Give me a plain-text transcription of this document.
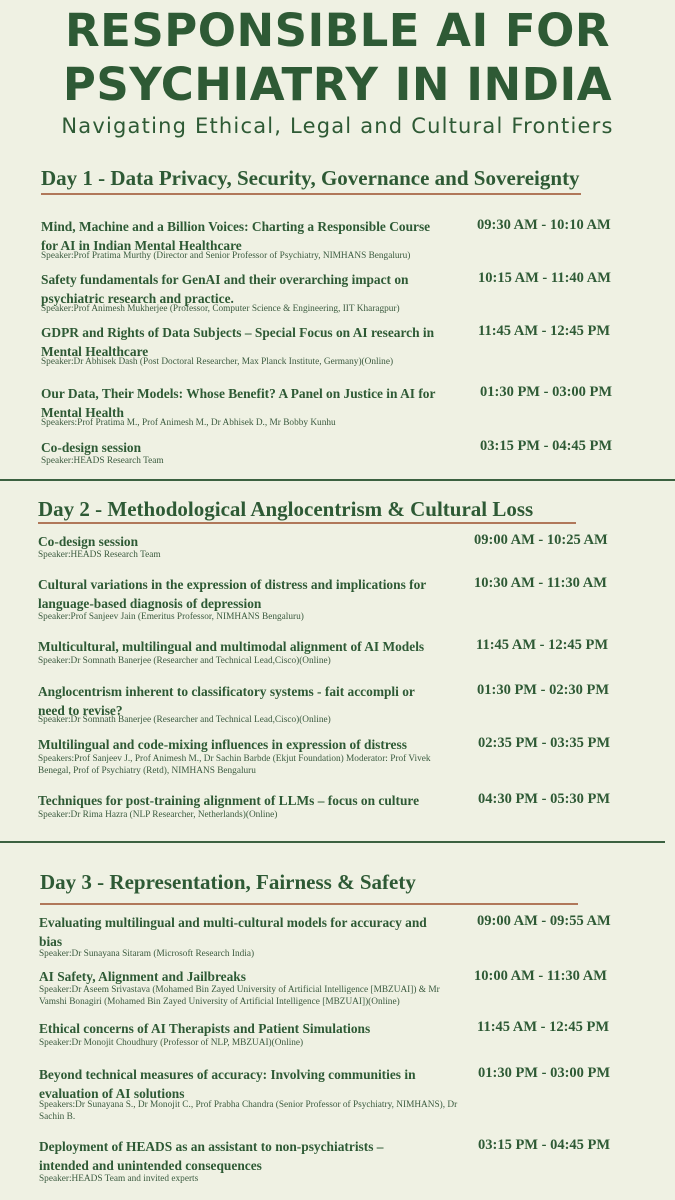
RESPONSIBLE AI FOR
PSYCHIATRY IN INDIA
Navigating Ethical, Legal and Cultural Frontiers
Day 1 - Data Privacy, Security, Governance and Sovereignty
Mind, Machine and a Billion Voices: Charting a Responsible Course for AI in Indian Mental Healthcare
Speaker:Prof Pratima Murthy (Director and Senior Professor of Psychiatry, NIMHANS Bengaluru)
09:30 AM - 10:10 AM
Safety fundamentals for GenAI and their overarching impact on psychiatric research and practice.
Speaker:Prof Animesh Mukherjee (Professor, Computer Science & Engineering, IIT Kharagpur)
10:15 AM - 11:40 AM
GDPR and Rights of Data Subjects – Special Focus on AI research in Mental Healthcare
Speaker:Dr Abhisek Dash (Post Doctoral Researcher, Max Planck Institute, Germany)(Online)
11:45 AM - 12:45 PM
Our Data, Their Models: Whose Benefit? A Panel on Justice in AI for Mental Health
Speakers:Prof Pratima M., Prof Animesh M., Dr Abhisek D., Mr Bobby Kunhu
01:30 PM - 03:00 PM
Co-design session
Speaker:HEADS Research Team
03:15 PM - 04:45 PM
Day 2 - Methodological Anglocentrism & Cultural Loss
Co-design session
Speaker:HEADS Research Team
09:00 AM - 10:25 AM
Cultural variations in the expression of distress and implications for language-based diagnosis of depression
Speaker:Prof Sanjeev Jain (Emeritus Professor, NIMHANS Bengaluru)
10:30 AM - 11:30 AM
Multicultural, multilingual and multimodal alignment of AI Models
Speaker:Dr Somnath Banerjee (Researcher and Technical Lead,Cisco)(Online)
11:45 AM - 12:45 PM
Anglocentrism inherent to classificatory systems - fait accompli or need to revise?
Speaker:Dr Somnath Banerjee (Researcher and Technical Lead,Cisco)(Online)
01:30 PM - 02:30 PM
Multilingual and code-mixing influences in expression of distress
Speakers:Prof Sanjeev J., Prof Animesh M., Dr Sachin Barbde (Ekjut Foundation) Moderator: Prof Vivek Benegal, Prof of Psychiatry (Retd), NIMHANS Bengaluru
02:35 PM - 03:35 PM
Techniques for post-training alignment of LLMs – focus on culture
Speaker:Dr Rima Hazra (NLP Researcher, Netherlands)(Online)
04:30 PM - 05:30 PM
Day 3 - Representation, Fairness & Safety
Evaluating multilingual and multi-cultural models for accuracy and bias
Speaker:Dr Sunayana Sitaram (Microsoft Research India)
09:00 AM - 09:55 AM
AI Safety, Alignment and Jailbreaks
Speaker:Dr Aseem Srivastava (Mohamed Bin Zayed University of Artificial Intelligence [MBZUAI]) & Mr Vamshi Bonagiri (Mohamed Bin Zayed University of Artificial Intelligence [MBZUAI])(Online)
10:00 AM - 11:30 AM
Ethical concerns of AI Therapists and Patient Simulations
Speaker:Dr Monojit Choudhury (Professor of NLP, MBZUAI)(Online)
11:45 AM - 12:45 PM
Beyond technical measures of accuracy: Involving communities in evaluation of AI solutions
Speakers:Dr Sunayana S., Dr Monojit C., Prof Prabha Chandra (Senior Professor of Psychiatry, NIMHANS), Dr Sachin B.
01:30 PM - 03:00 PM
Deployment of HEADS as an assistant to non-psychiatrists – intended and unintended consequences
Speaker:HEADS Team and invited experts
03:15 PM - 04:45 PM
